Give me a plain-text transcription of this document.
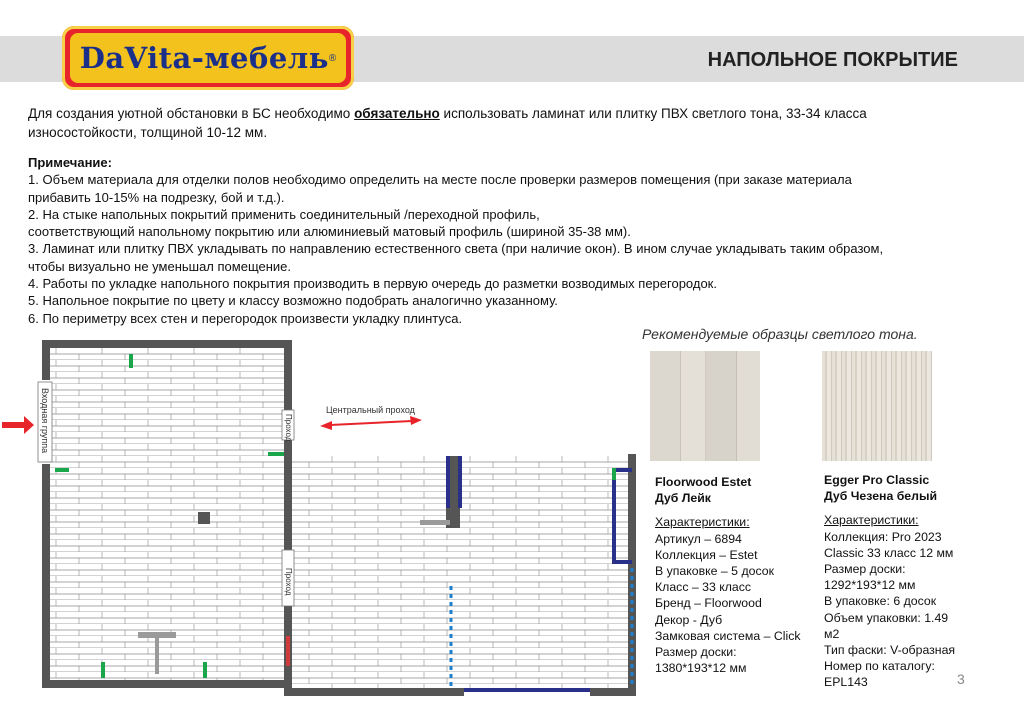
DaVita-мебель ®	НАПОЛЬНОЕ ПОКРЫТИЕ
Для создания уютной обстановки в БС необходимо обязательно использовать ламинат или плитку ПВХ светлого тона, 33-34 класса износостойкости, толщиной 10-12 мм.
Примечание:
1. Объем материала для отделки полов необходимо определить на месте после проверки размеров помещения (при заказе материала
прибавить 10-15% на подрезку, бой и т.д.).
2. На стыке напольных покрытий применить соединительный /переходной профиль,
соответствующий напольному покрытию или алюминиевый матовый профиль (шириной 35-38 мм).
3. Ламинат или плитку ПВХ укладывать по направлению естественного света (при наличие окон). В ином случае укладывать таким образом,
чтобы визуально не уменьшал помещение.
4. Работы по укладке напольного покрытия производить в первую очередь до разметки возводимых перегородок.
5. Напольное покрытие по цвету и классу возможно подобрать аналогично указанному.
6. По периметру всех стен и перегородок произвести укладку плинтуса.
Входная группа	Проход
Проход
Центральный проход
Рекомендуемые образцы светлого тона.
Floorwood Estet
Дуб Лейк
Характеристики:
Артикул – 6894
Коллекция – Estet
В упаковке – 5 досок
Класс – 33 класс
Бренд – Floorwood
Декор - Дуб
Замковая система – Click
Размер доски:
1380*193*12 мм
Egger Pro Classic
Дуб Чезена белый
Характеристики:
Коллекция: Pro 2023
Classic 33 класс 12 мм
Размер доски:
1292*193*12 мм
В упаковке: 6 досок
Объем упаковки: 1.49
м2
Тип фаски: V-образная
Номер по каталогу:
EPL143	3
